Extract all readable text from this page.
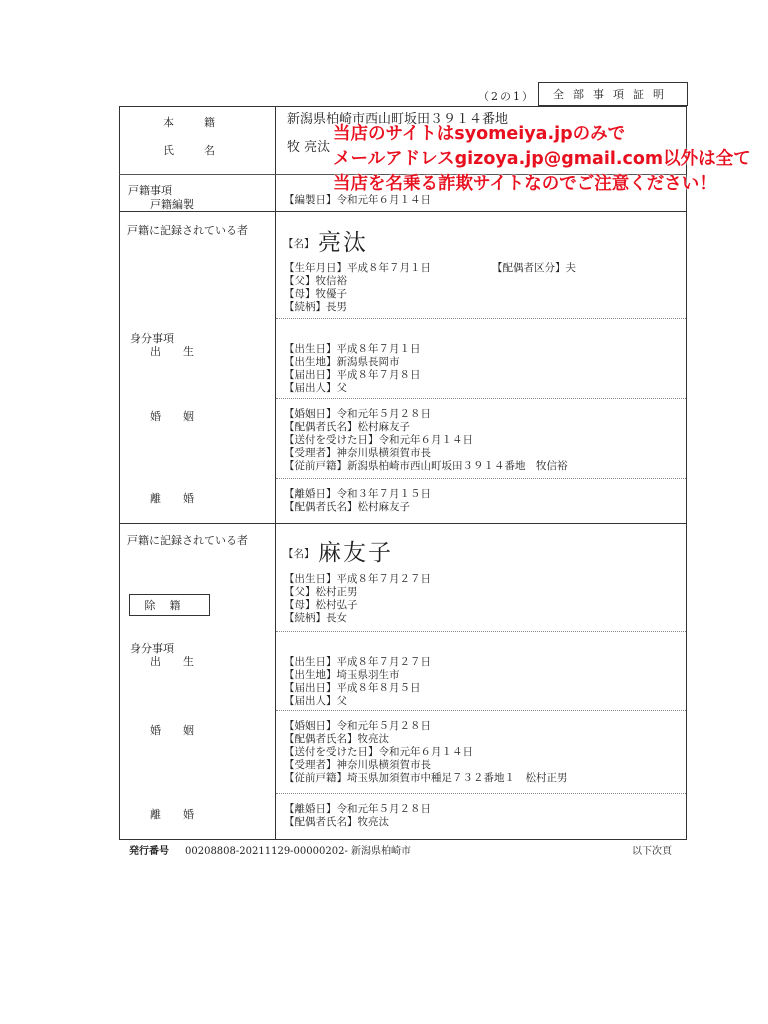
（2の1）	全部事項証明
本籍	新潟県柏崎市西山町坂田３９１４番地
氏名	牧 亮汰
戸籍事項
戸籍編製	【編製日】令和元年６月１４日
戸籍に記録されている者
【名】 亮汰
【生年月日】平成８年７月１日	【配偶者区分】夫
【父】牧信裕
【母】牧優子
【続柄】長男
身分事項
出生	【出生日】平成８年７月１日
【出生地】新潟県長岡市
【届出日】平成８年７月８日
【届出人】父
婚姻	【婚姻日】令和元年５月２８日
【配偶者氏名】松村麻友子
【送付を受けた日】令和元年６月１４日
【受理者】神奈川県横須賀市長
【従前戸籍】新潟県柏崎市西山町坂田３９１４番地　牧信裕
離婚	【離婚日】令和３年７月１５日
【配偶者氏名】松村麻友子
戸籍に記録されている者
【名】 麻友子
除籍
【出生日】平成８年７月２７日
【父】松村正男
【母】松村弘子
【続柄】長女
身分事項
出生	【出生日】平成８年７月２７日
【出生地】埼玉県羽生市
【届出日】平成８年８月５日
【届出人】父
婚姻	【婚姻日】令和元年５月２８日
【配偶者氏名】牧亮汰
【送付を受けた日】令和元年６月１４日
【受理者】神奈川県横須賀市長
【従前戸籍】埼玉県加須賀市中種足７３２番地１　松村正男
離婚	【離婚日】令和元年５月２８日
【配偶者氏名】牧亮汰
発行番号 00208808-20211129-00000202- 新潟県柏崎市	以下次頁
当店のサイトはsyomeiya.jpのみで
メールアドレスgizoya.jp@gmail.com以外は全て
当店を名乗る詐欺サイトなのでご注意ください！
